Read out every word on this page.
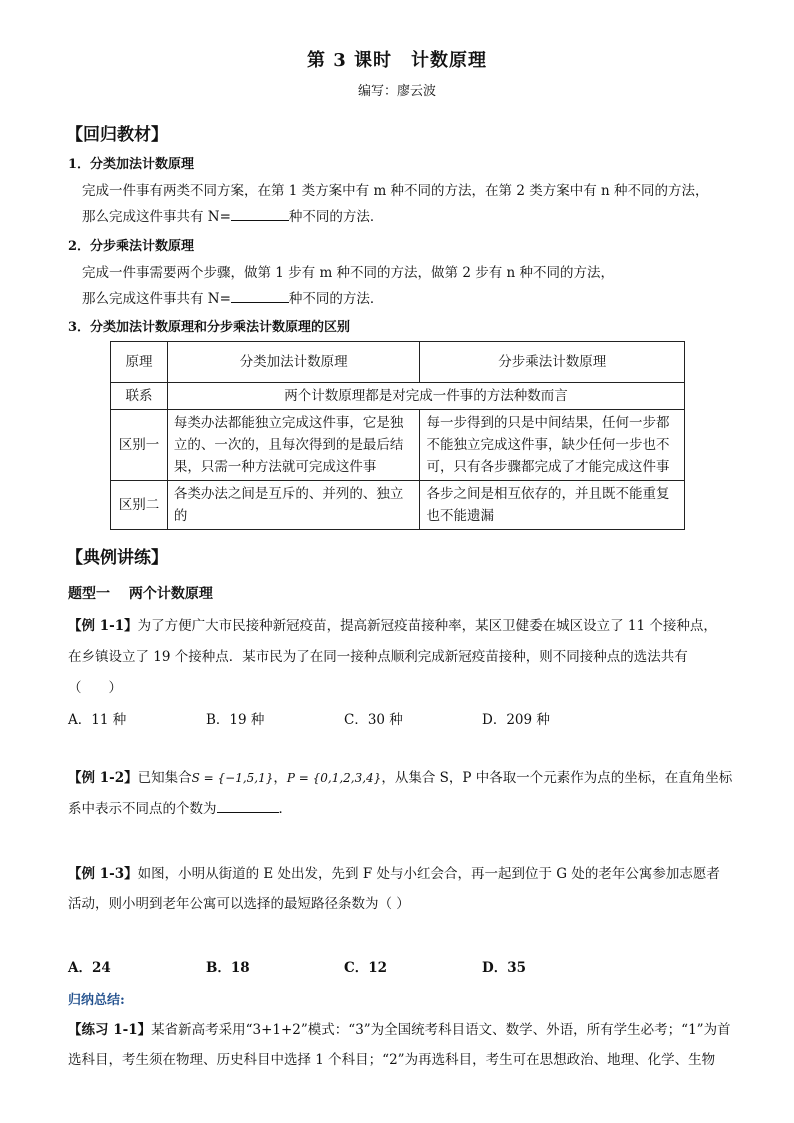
第 3 课时　计数原理
编写：廖云波
【回归教材】
1．分类加法计数原理
完成一件事有两类不同方案，在第 1 类方案中有 m 种不同的方法，在第 2 类方案中有 n 种不同的方法，
那么完成这件事共有 N=	种不同的方法．
2．分步乘法计数原理
完成一件事需要两个步骤，做第 1 步有 m 种不同的方法，做第 2 步有 n 种不同的方法，
那么完成这件事共有 N=	种不同的方法．
3．分类加法计数原理和分步乘法计数原理的区别
原理	分类加法计数原理	分步乘法计数原理
联系	两个计数原理都是对完成一件事的方法种数而言	
区别一	每类办法都能独立完成这件事，它是独立的、一次的，且每次得到的是最后结果，只需一种方法就可完成这件事	每一步得到的只是中间结果，任何一步都不能独立完成这件事，缺少任何一步也不可，只有各步骤都完成了才能完成这件事
区别二	各类办法之间是互斥的、并列的、独立的	各步之间是相互依存的，并且既不能重复也不能遗漏
【典例讲练】
题型一　 两个计数原理
【例 1-1】为了方便广大市民接种新冠疫苗，提高新冠疫苗接种率，某区卫健委在城区设立了 11 个接种点，
在乡镇设立了 19 个接种点．某市民为了在同一接种点顺利完成新冠疫苗接种，则不同接种点的选法共有
（　　）
A．11 种	B．19 种	C．30 种	D．209 种
【例 1-2】已知集合S = {−1,5,1}，P = {0,1,2,3,4}，从集合 S，P 中各取一个元素作为点的坐标，在直角坐标
系中表示不同点的个数为	．
【例 1-3】如图，小明从街道的 E 处出发，先到 F 处与小红会合，再一起到位于 G 处的老年公寓参加志愿者
活动，则小明到老年公寓可以选择的最短路径条数为（ ）
A．24	B．18	C．12	D．35
归纳总结:
【练习 1-1】某省新高考采用“3+1+2”模式：“3”为全国统考科目语文、数学、外语，所有学生必考；“1”为首
选科目，考生须在物理、历史科目中选择 1 个科目；“2”为再选科目，考生可在思想政治、地理、化学、生物
